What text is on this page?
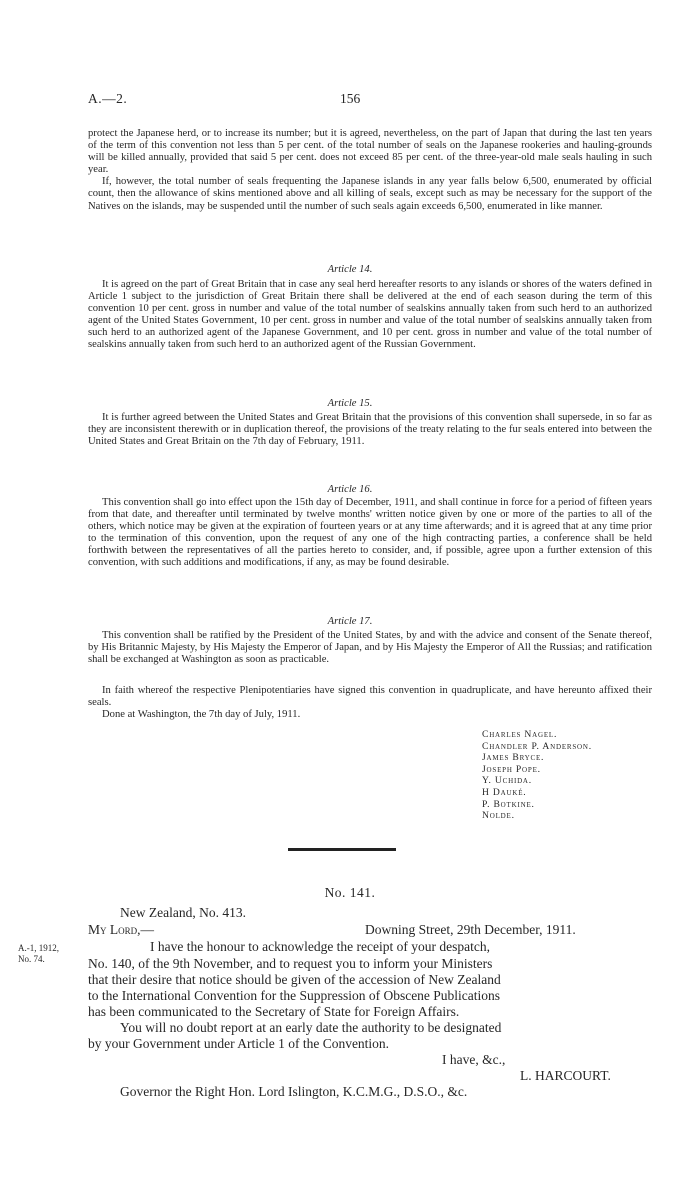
A.—2.	156

protect the Japanese herd, or to increase its number; but it is agreed, nevertheless, on the part of Japan that during the last ten years of the term of this convention not less than 5 per cent. of the total number of seals on the Japanese rookeries and hauling-grounds will be killed annually, provided that said 5 per cent. does not exceed 85 per cent. of the three-year-old male seals hauling in such year.

If, however, the total number of seals frequenting the Japanese islands in any year falls below 6,500, enumerated by official count, then the allowance of skins mentioned above and all killing of seals, except such as may be necessary for the support of the Natives on the islands, may be suspended until the number of such seals again exceeds 6,500, enumerated in like manner.

Article 14.

It is agreed on the part of Great Britain that in case any seal herd hereafter resorts to any islands or shores of the waters defined in Article 1 subject to the jurisdiction of Great Britain there shall be delivered at the end of each season during the term of this convention 10 per cent. gross in number and value of the total number of sealskins annually taken from such herd to an authorized agent of the United States Government, 10 per cent. gross in number and value of the total number of sealskins annually taken from such herd to an authorized agent of the Japanese Government, and 10 per cent. gross in number and value of the total number of sealskins annually taken from such herd to an authorized agent of the Russian Government.

Article 15.

It is further agreed between the United States and Great Britain that the provisions of this convention shall supersede, in so far as they are inconsistent therewith or in duplication thereof, the provisions of the treaty relating to the fur seals entered into between the United States and Great Britain on the 7th day of February, 1911.

Article 16.

This convention shall go into effect upon the 15th day of December, 1911, and shall continue in force for a period of fifteen years from that date, and thereafter until terminated by twelve months' written notice given by one or more of the parties to all of the others, which notice may be given at the expiration of fourteen years or at any time afterwards; and it is agreed that at any time prior to the termination of this convention, upon the request of any one of the high contracting parties, a conference shall be held forthwith between the representatives of all the parties hereto to consider, and, if possible, agree upon a further extension of this convention, with such additions and modifications, if any, as may be found desirable.

Article 17.

This convention shall be ratified by the President of the United States, by and with the advice and consent of the Senate thereof, by His Britannic Majesty, by His Majesty the Emperor of Japan, and by His Majesty the Emperor of All the Russias; and ratification shall be exchanged at Washington as soon as practicable.

In faith whereof the respective Plenipotentiaries have signed this convention in quadruplicate, and have hereunto affixed their seals.

Done at Washington, the 7th day of July, 1911.

Charles Nagel.
Chandler P. Anderson.
James Bryce.
Joseph Pope.
Y. Uchida.
H Dauké.
P. Botkine.
Nolde.
No. 141.
New Zealand, No. 413.
My Lord,—	Downing Street, 29th December, 1911.
A.-1, 1912,
No. 74.
I have the honour to acknowledge the receipt of your despatch,
No. 140, of the 9th November, and to request you to inform your Ministers
that their desire that notice should be given of the accession of New Zealand
to the International Convention for the Suppression of Obscene Publications
has been communicated to the Secretary of State for Foreign Affairs.
You will no doubt report at an early date the authority to be designated
by your Government under Article 1 of the Convention.
I have, &c.,
L. HARCOURT.
Governor the Right Hon. Lord Islington, K.C.M.G., D.S.O., &c.
